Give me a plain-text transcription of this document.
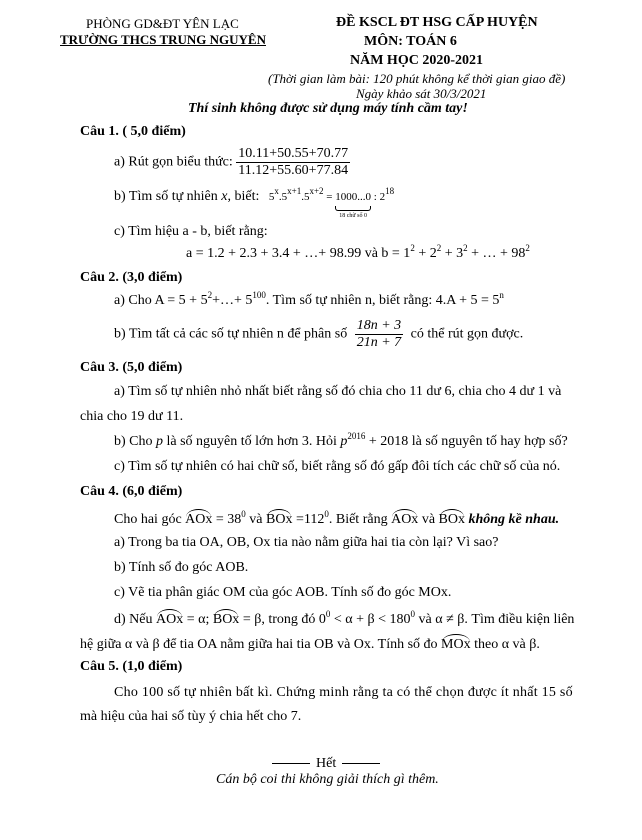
PHÒNG GD&ĐT YÊN LẠC
TRƯỜNG THCS TRUNG NGUYÊN
ĐỀ KSCL ĐT HSG CẤP HUYỆN
MÔN: TOÁN 6
NĂM HỌC 2020-2021
(Thời gian làm bài: 120 phút không kể thời gian giao đề)
Ngày khảo sát 30/3/2021
Thí sinh không được sử dụng máy tính cầm tay!
Câu 1. ( 5,0 điểm)
a) Rút gọn biểu thức: $\frac{10.11+50.55+70.77}{11.12+55.60+77.84}$
b) Tìm số tự nhiên x, biết: $5^x.5^{x+1}.5^{x+2} = 1000...0$
18 chữ số 0
: $2^{18}$
c) Tìm hiệu a - b, biết rằng:
a = 1.2 + 2.3 + 3.4 + …+ 98.99 và $b = 1^2 + 2^2 + 3^2$ + … + $98^2$
Câu 2. (3,0 điểm)
a) Cho $A = 5 + 5^2+\dots+ 5^{100}$. Tìm số tự nhiên n, biết rằng: $4.A + 5 = 5^n$
b) Tìm tất cả các số tự nhiên n để phân số $\frac{18n + 3}{21n + 7}$ có thể rút gọn được.
Câu 3. (5,0 điểm)
a) Tìm số tự nhiên nhỏ nhất biết rằng số đó chia cho 11 dư 6, chia cho 4 dư 1 và
chia cho 19 dư 11.
b) Cho p là số nguyên tố lớn hơn 3. Hỏi $p^{2016} + 2018$ là số nguyên tố hay hợp số?
c) Tìm số tự nhiên có hai chữ số, biết rằng số đó gấp đôi tích các chữ số của nó.
Câu 4. (6,0 điểm)
Cho hai góc AOx = $38^0$ và BOx $=112^0$. Biết rằng AOx và BOx không kề nhau.
a) Trong ba tia OA, OB, Ox tia nào nằm giữa hai tia còn lại? Vì sao?
b) Tính số đo góc AOB.
c) Vẽ tia phân giác OM của góc AOB. Tính số đo góc MOx.
d) Nếu AOx = α; BOx = β, trong đó $0^0 < \alpha + \beta < 180^0$ và α ≠ β. Tìm điều kiện liên
hệ giữa α và β để tia OA nằm giữa hai tia OB và Ox. Tính số đo MOx theo α và β.
Câu 5. (1,0 điểm)
Cho 100 số tự nhiên bất kì. Chứng minh rằng ta có thể chọn được ít nhất 15 số
mà hiệu của hai số tùy ý chia hết cho 7.
Hết
Cán bộ coi thi không giải thích gì thêm.
